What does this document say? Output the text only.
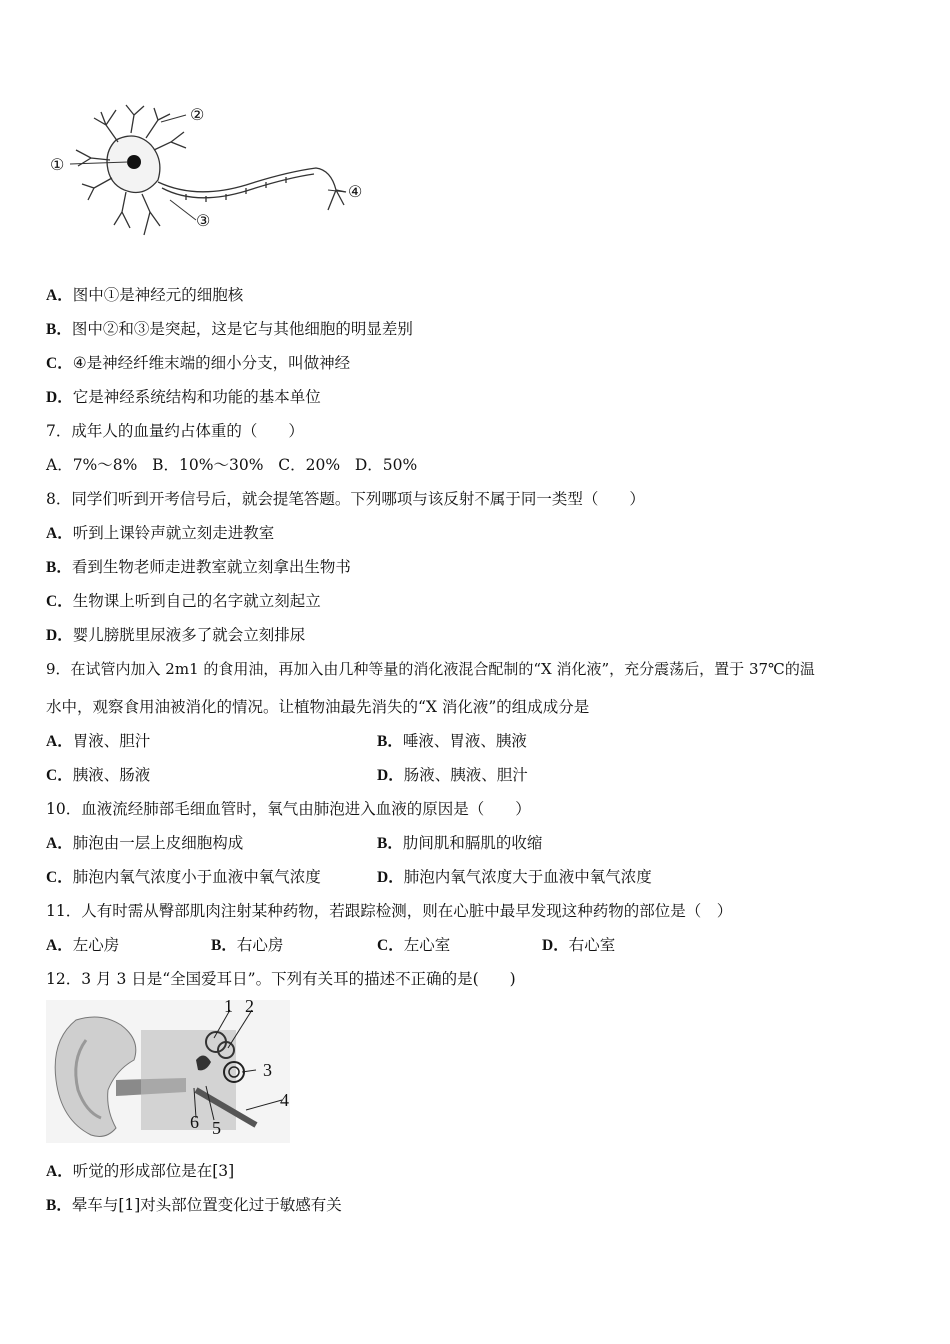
①
②
③
④
A．图中①是神经元的细胞核
B．图中②和③是突起，这是它与其他细胞的明显差别
C．④是神经纤维末端的细小分支，叫做神经
D．它是神经系统结构和功能的基本单位
7．成年人的血量约占体重的（　　）
A．7%～8% B．10%～30% C．20% D．50%
8．同学们听到开考信号后，就会提笔答题。下列哪项与该反射不属于同一类型（　　）
A．听到上课铃声就立刻走进教室
B．看到生物老师走进教室就立刻拿出生物书
C．生物课上听到自己的名字就立刻起立
D．婴儿膀胱里尿液多了就会立刻排尿
9．在试管内加入 2m1 的食用油，再加入由几种等量的消化液混合配制的“X 消化液”，充分震荡后，置于 37℃的温
水中，观察食用油被消化的情况。让植物油最先消失的“X 消化液”的组成成分是
A．胃液、胆汁	B．唾液、胃液、胰液
C．胰液、肠液	D．肠液、胰液、胆汁
10．血液流经肺部毛细血管时，氧气由肺泡进入血液的原因是（　　）
A．肺泡由一层上皮细胞构成	B．肋间肌和膈肌的收缩
C．肺泡内氧气浓度小于血液中氧气浓度	D．肺泡内氧气浓度大于血液中氧气浓度
11．人有时需从臀部肌肉注射某种药物，若跟踪检测，则在心脏中最早发现这种药物的部位是（　）
A．左心房	B．右心房	C．左心室	D．右心室
12．3 月 3 日是“全国爱耳日”。下列有关耳的描述不正确的是(　　)
1 2
3
4
5
6
A．听觉的形成部位是在[3]
B．晕车与[1]对头部位置变化过于敏感有关
